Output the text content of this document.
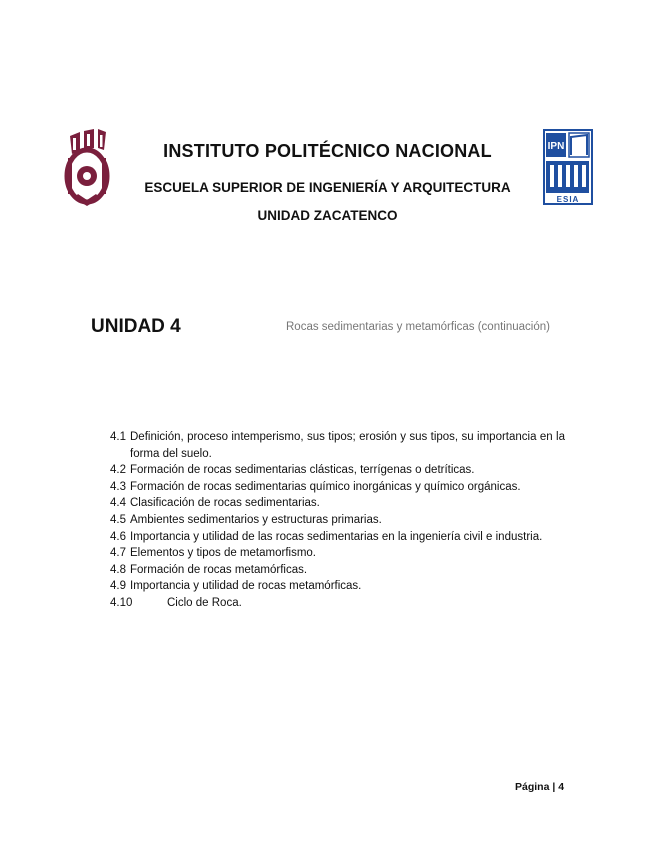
IPN
ESIA
INSTITUTO POLITÉCNICO NACIONAL
ESCUELA SUPERIOR DE INGENIERÍA Y ARQUITECTURA
UNIDAD ZACATENCO
UNIDAD 4	Rocas sedimentarias y metamórficas (continuación)
4.1 Definición, proceso intemperismo, sus tipos; erosión y sus tipos, su importancia en la forma del suelo.
4.2 Formación de rocas sedimentarias clásticas, terrígenas o detríticas.
4.3 Formación de rocas sedimentarias químico inorgánicas y químico orgánicas.
4.4 Clasificación de rocas sedimentarias.
4.5 Ambientes sedimentarios y estructuras primarias.
4.6 Importancia y utilidad de las rocas sedimentarias en la ingeniería civil e industria.
4.7 Elementos y tipos de metamorfismo.
4.8 Formación de rocas metamórficas.
4.9 Importancia y utilidad de rocas metamórficas.
4.10	Ciclo de Roca.
Página | 4
